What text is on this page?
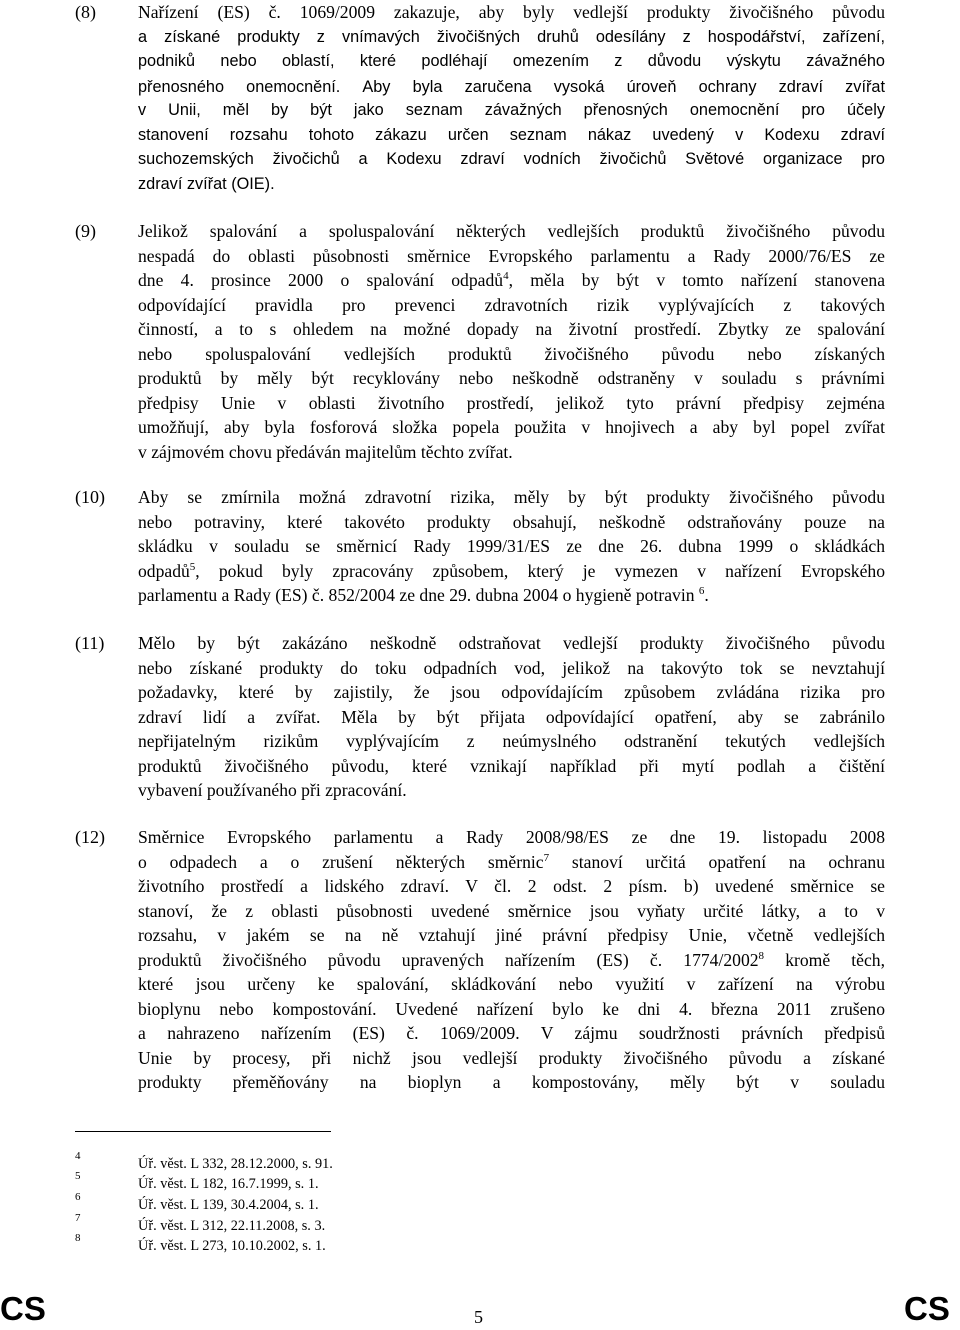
(8) Nařízení (ES) č. 1069/2009 zakazuje, aby byly vedlejší produkty živočišného původu
a získané produkty z vnímavých živočišných druhů odesílány z hospodářství, zařízení,
podniků nebo oblastí, které podléhají omezením z důvodu výskytu závažného
přenosného onemocnění. Aby byla zaručena vysoká úroveň ochrany zdraví zvířat
v Unii, měl by být jako seznam závažných přenosných onemocnění pro účely
stanovení rozsahu tohoto zákazu určen seznam nákaz uvedený v Kodexu zdraví
suchozemských živočichů a Kodexu zdraví vodních živočichů Světové organizace pro
zdraví zvířat (OIE).
(9) Jelikož spalování a spoluspalování některých vedlejších produktů živočišného původu
nespadá do oblasti působnosti směrnice Evropského parlamentu a Rady 2000/76/ES ze
dne 4. prosince 2000 o spalování odpadů$^4$, měla by být v tomto nařízení stanovena
odpovídající pravidla pro prevenci zdravotních rizik vyplývajících z takových
činností, a to s ohledem na možné dopady na životní prostředí. Zbytky ze spalování
nebo spoluspalování vedlejších produktů živočišného původu nebo získaných
produktů by měly být recyklovány nebo neškodně odstraněny v souladu s právními
předpisy Unie v oblasti životního prostředí, jelikož tyto právní předpisy zejména
umožňují, aby byla fosforová složka popela použita v hnojivech a aby byl popel zvířat
v zájmovém chovu předáván majitelům těchto zvířat.
(10) Aby se zmírnila možná zdravotní rizika, měly by být produkty živočišného původu
nebo potraviny, které takovéto produkty obsahují, neškodně odstraňovány pouze na
skládku v souladu se směrnicí Rady 1999/31/ES ze dne 26. dubna 1999 o skládkách
odpadů$^5$, pokud byly zpracovány způsobem, který je vymezen v nařízení Evropského
parlamentu a Rady (ES) č. 852/2004 ze dne 29. dubna 2004 o hygieně potravin $^6$.
(11) Mělo by být zakázáno neškodně odstraňovat vedlejší produkty živočišného původu
nebo získané produkty do toku odpadních vod, jelikož na takovýto tok se nevztahují
požadavky, které by zajistily, že jsou odpovídajícím způsobem zvládána rizika pro
zdraví lidí a zvířat. Měla by být přijata odpovídající opatření, aby se zabránilo
nepřijatelným rizikům vyplývajícím z neúmyslného odstranění tekutých vedlejších
produktů živočišného původu, které vznikají například při mytí podlah a čištění
vybavení používaného při zpracování.
(12) Směrnice Evropského parlamentu a Rady 2008/98/ES ze dne 19. listopadu 2008
o odpadech a o zrušení některých směrnic$^7$ stanoví určitá opatření na ochranu
životního prostředí a lidského zdraví. V čl. 2 odst. 2 písm. b) uvedené směrnice se
stanoví, že z oblasti působnosti uvedené směrnice jsou vyňaty určité látky, a to v
rozsahu, v jakém se na ně vztahují jiné právní předpisy Unie, včetně vedlejších
produktů živočišného původu upravených nařízením (ES) č. 1774/2002$^8$ kromě těch,
které jsou určeny ke spalování, skládkování nebo využití v zařízení na výrobu
bioplynu nebo kompostování. Uvedené nařízení bylo ke dni 4. března 2011 zrušeno
a nahrazeno nařízením (ES) č. 1069/2009. V zájmu soudržnosti právních předpisů
Unie by procesy, při nichž jsou vedlejší produkty živočišného původu a získané
produkty přeměňovány na bioplyn a kompostovány, měly být v souladu
4	Úř. věst. L 332, 28.12.2000, s. 91.
5	Úř. věst. L 182, 16.7.1999, s. 1.
6	Úř. věst. L 139, 30.4.2004, s. 1.
7	Úř. věst. L 312, 22.11.2008, s. 3.
8	Úř. věst. L 273, 10.10.2002, s. 1.
CS	5	CS
